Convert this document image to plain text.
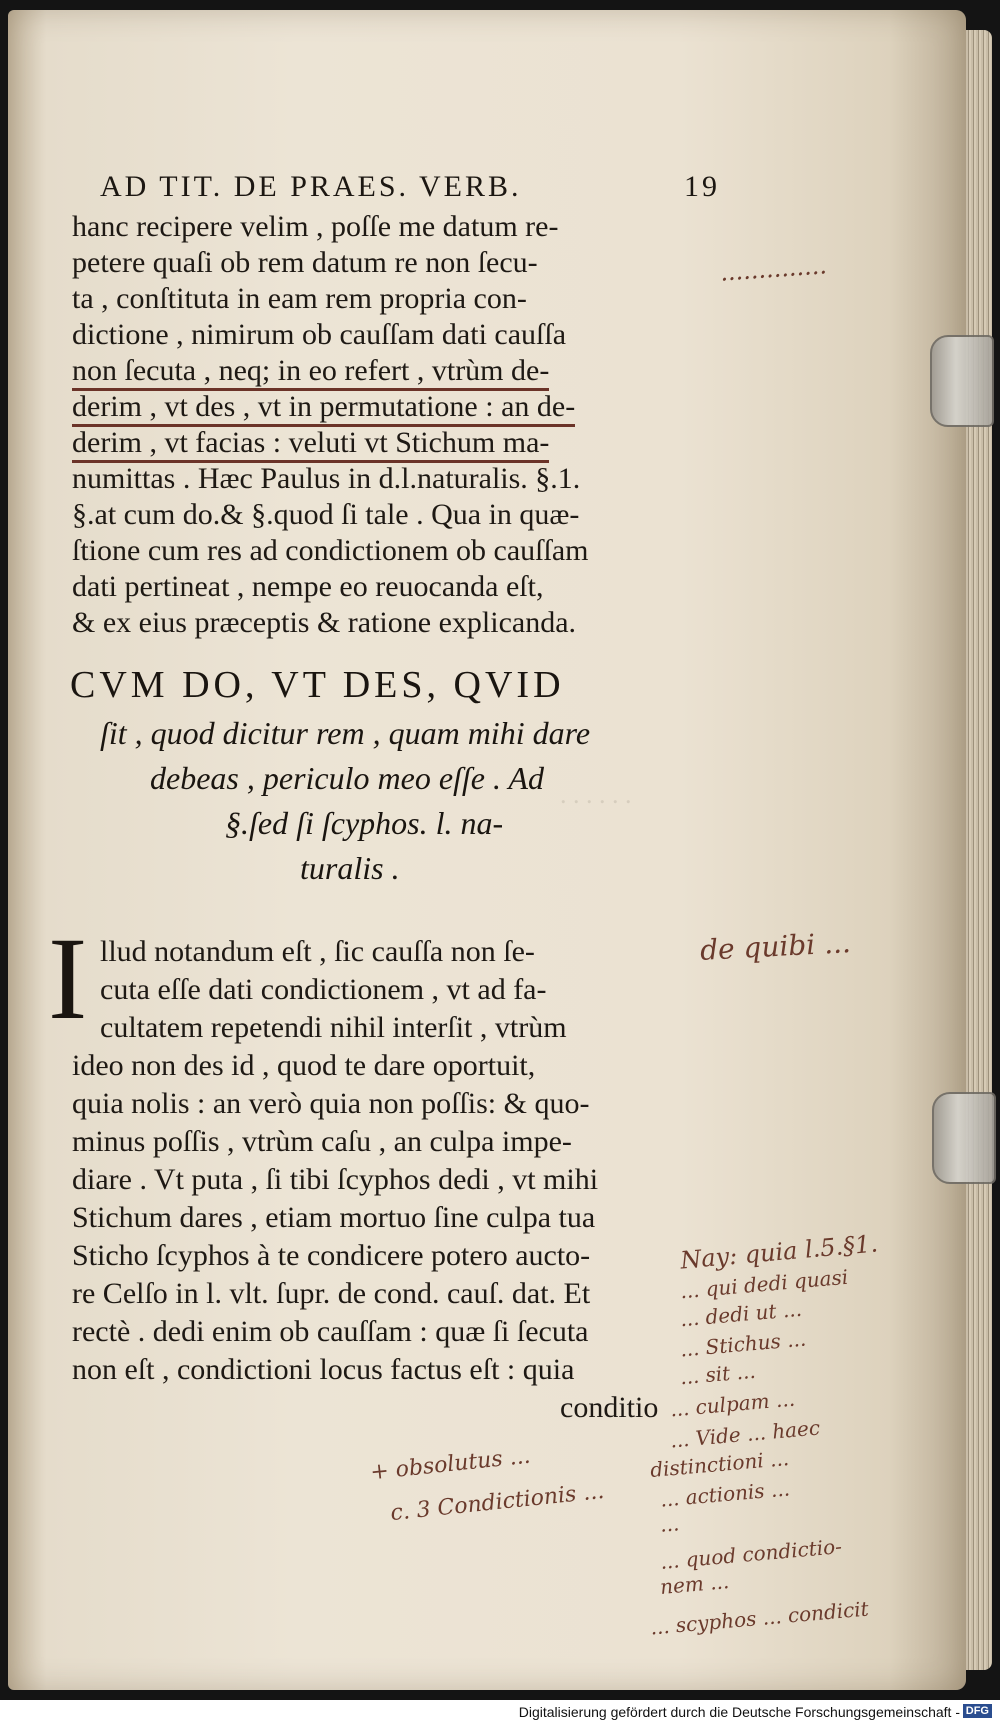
. . . . . .
AD TIT. DE PRAES. VERB.	19
hanc recipere velim , poſſe me datum re-
petere quaſi ob rem datum re non ſecu-
ta , conſtituta in eam rem propria con-
dictione , nimirum ob cauſſam dati cauſſa
non ſecuta , neq; in eo refert , vtrùm de-
derim , vt des , vt in permutatione : an de-
derim , vt facias : veluti vt Stichum ma-
numittas . Hæc Paulus in d.l.naturalis. §.1.
§.at cum do.& §.quod ſi tale . Qua in quæ-
ſtione cum res ad condictionem ob cauſſam
dati pertineat , nempe eo reuocanda eſt,
& ex eius præceptis & ratione explicanda.
CVM DO, VT DES, QVID
ſit , quod dicitur rem , quam mihi dare
debeas , periculo meo eſſe . Ad
§.ſed ſi ſcyphos. l. na-
turalis .
I llud notandum eſt , ſic cauſſa non ſe-
cuta eſſe dati condictionem , vt ad fa-
cultatem repetendi nihil interſit , vtrùm
ideo non des id , quod te dare oportuit,
quia nolis : an verò quia non poſſis: & quo-
minus poſſis , vtrùm caſu , an culpa impe-
diare . Vt puta , ſi tibi ſcyphos dedi , vt mihi
Stichum dares , etiam mortuo ſine culpa tua
Sticho ſcyphos à te condicere potero aucto-
re Celſo in l. vlt. ſupr. de cond. cauſ. dat. Et
rectè . dedi enim ob cauſſam : quæ ſi ſecuta
non eſt , condictioni locus factus eſt : quia
conditio
..............
de quibi ...
Nay: quia l.5.§1.
... qui dedi quasi
... dedi ut ...
... Stichus ...
... sit ...
... culpam ...
... Vide ... haec
distinctioni ...
... actionis ...
...
... quod condictio-
nem ...
... scyphos ... condicit
+ obsolutus ...
c. 3 Condictionis ...
Digitalisierung gefördert durch die Deutsche Forschungsgemeinschaft - DFG
